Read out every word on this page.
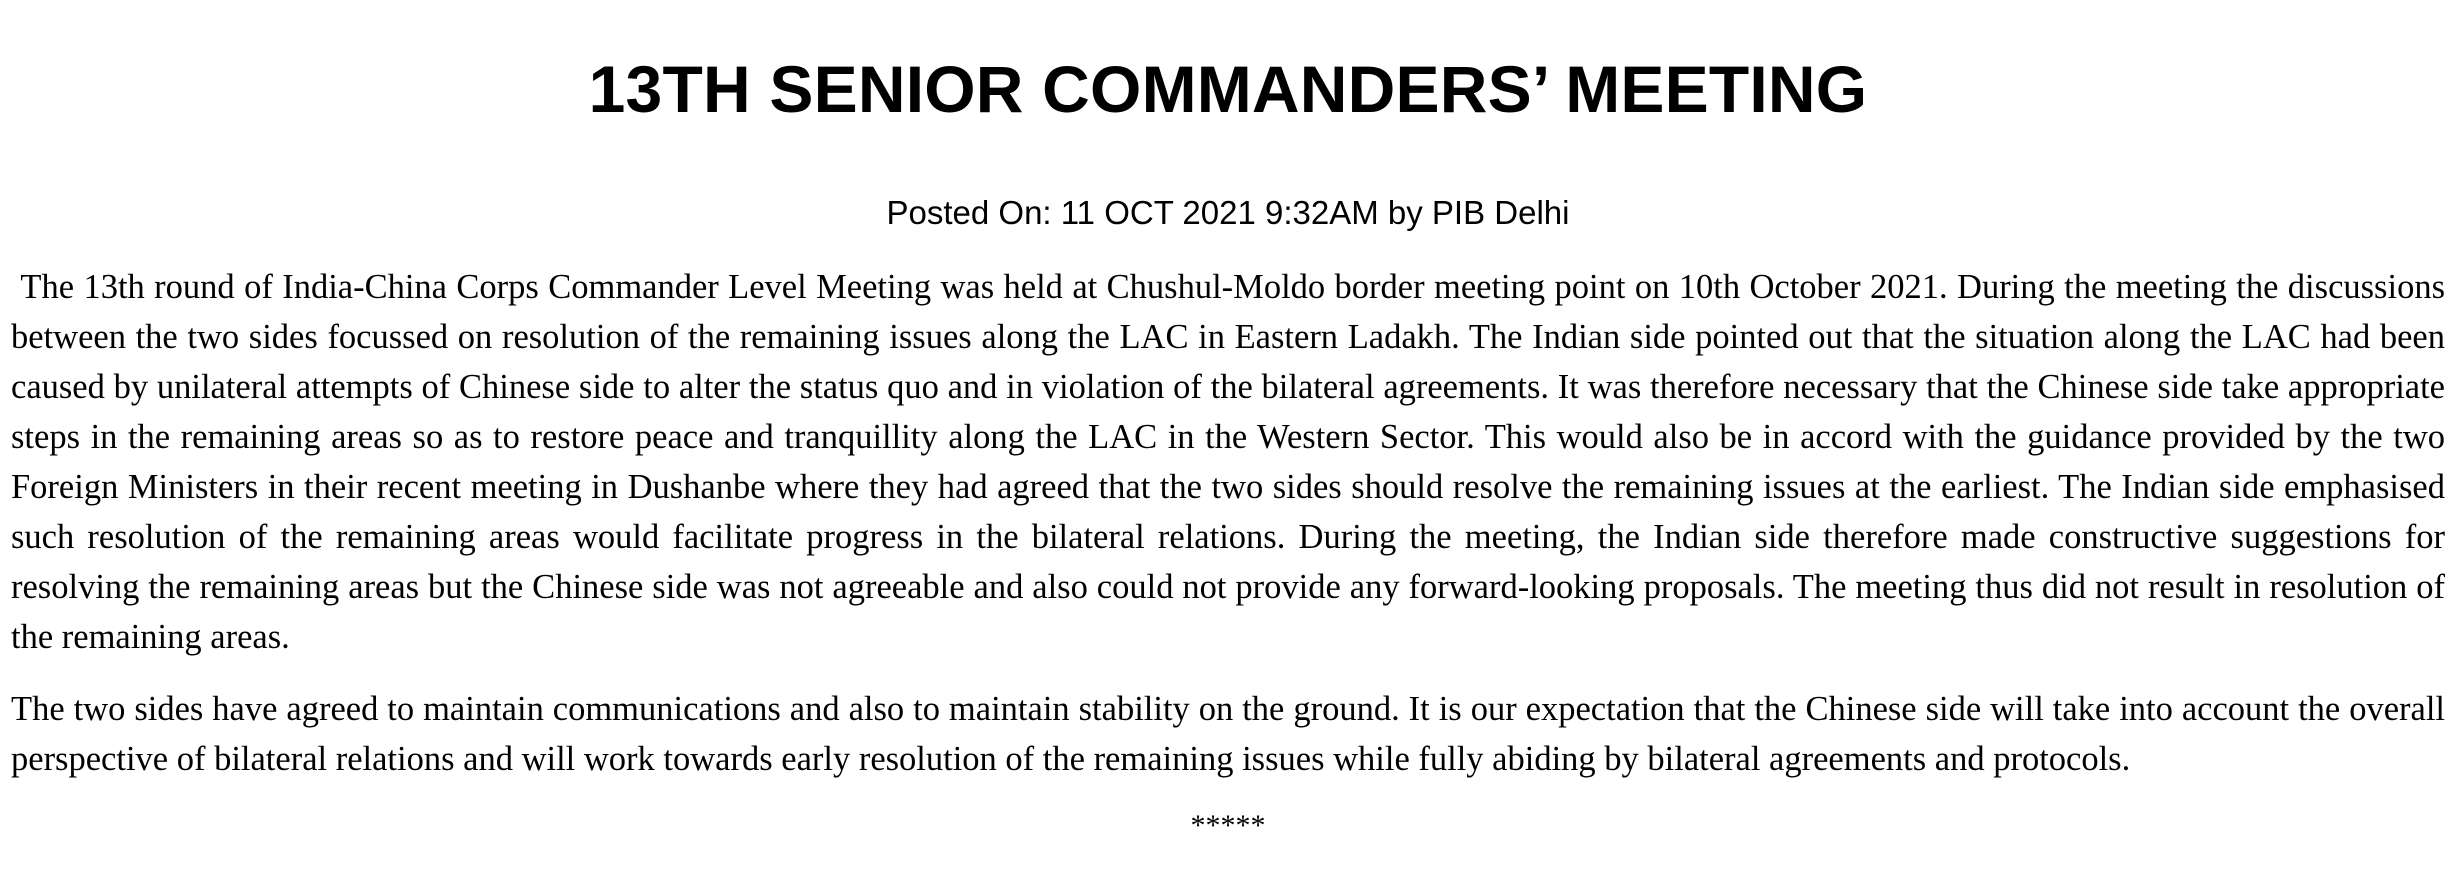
13TH SENIOR COMMANDERS’ MEETING

Posted On: 11 OCT 2021 9:32AM by PIB Delhi

The 13th round of India-China Corps Commander Level Meeting was held at Chushul-Moldo border meeting point on 10th October 2021. During the meeting the discussions between the two sides focussed on resolution of the remaining issues along the LAC in Eastern Ladakh. The Indian side pointed out that the situation along the LAC had been caused by unilateral attempts of Chinese side to alter the status quo and in violation of the bilateral agreements. It was therefore necessary that the Chinese side take appropriate steps in the remaining areas so as to restore peace and tranquillity along the LAC in the Western Sector. This would also be in accord with the guidance provided by the two Foreign Ministers in their recent meeting in Dushanbe where they had agreed that the two sides should resolve the remaining issues at the earliest. The Indian side emphasised such resolution of the remaining areas would facilitate progress in the bilateral relations. During the meeting, the Indian side therefore made constructive suggestions for resolving the remaining areas but the Chinese side was not agreeable and also could not provide any forward-looking proposals. The meeting thus did not result in resolution of the remaining areas.

The two sides have agreed to maintain communications and also to maintain stability on the ground. It is our expectation that the Chinese side will take into account the overall perspective of bilateral relations and will work towards early resolution of the remaining issues while fully abiding by bilateral agreements and protocols.

*****
